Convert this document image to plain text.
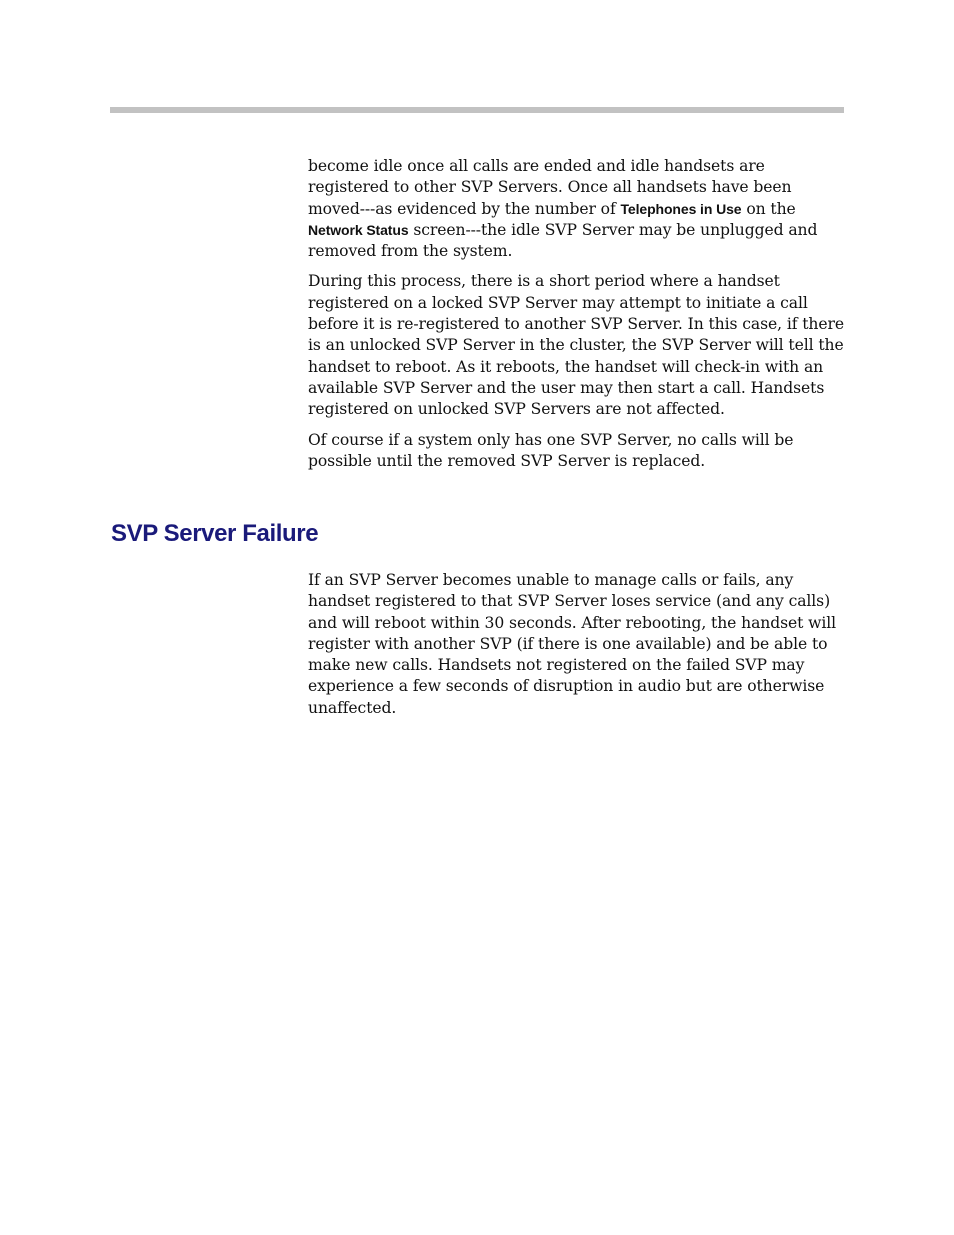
become idle once all calls are ended and idle handsets are registered to other SVP Servers. Once all handsets have been moved---as evidenced by the number of Telephones in Use on the Network Status screen---the idle SVP Server may be unplugged and removed from the system.

During this process, there is a short period where a handset registered on a locked SVP Server may attempt to initiate a call before it is re-registered to another SVP Server. In this case, if there is an unlocked SVP Server in the cluster, the SVP Server will tell the handset to reboot. As it reboots, the handset will check-in with an available SVP Server and the user may then start a call. Handsets registered on unlocked SVP Servers are not affected.

Of course if a system only has one SVP Server, no calls will be possible until the removed SVP Server is replaced.

SVP Server Failure

If an SVP Server becomes unable to manage calls or fails, any handset registered to that SVP Server loses service (and any calls) and will reboot within 30 seconds. After rebooting, the handset will register with another SVP (if there is one available) and be able to make new calls. Handsets not registered on the failed SVP may experience a few seconds of disruption in audio but are otherwise unaffected.
